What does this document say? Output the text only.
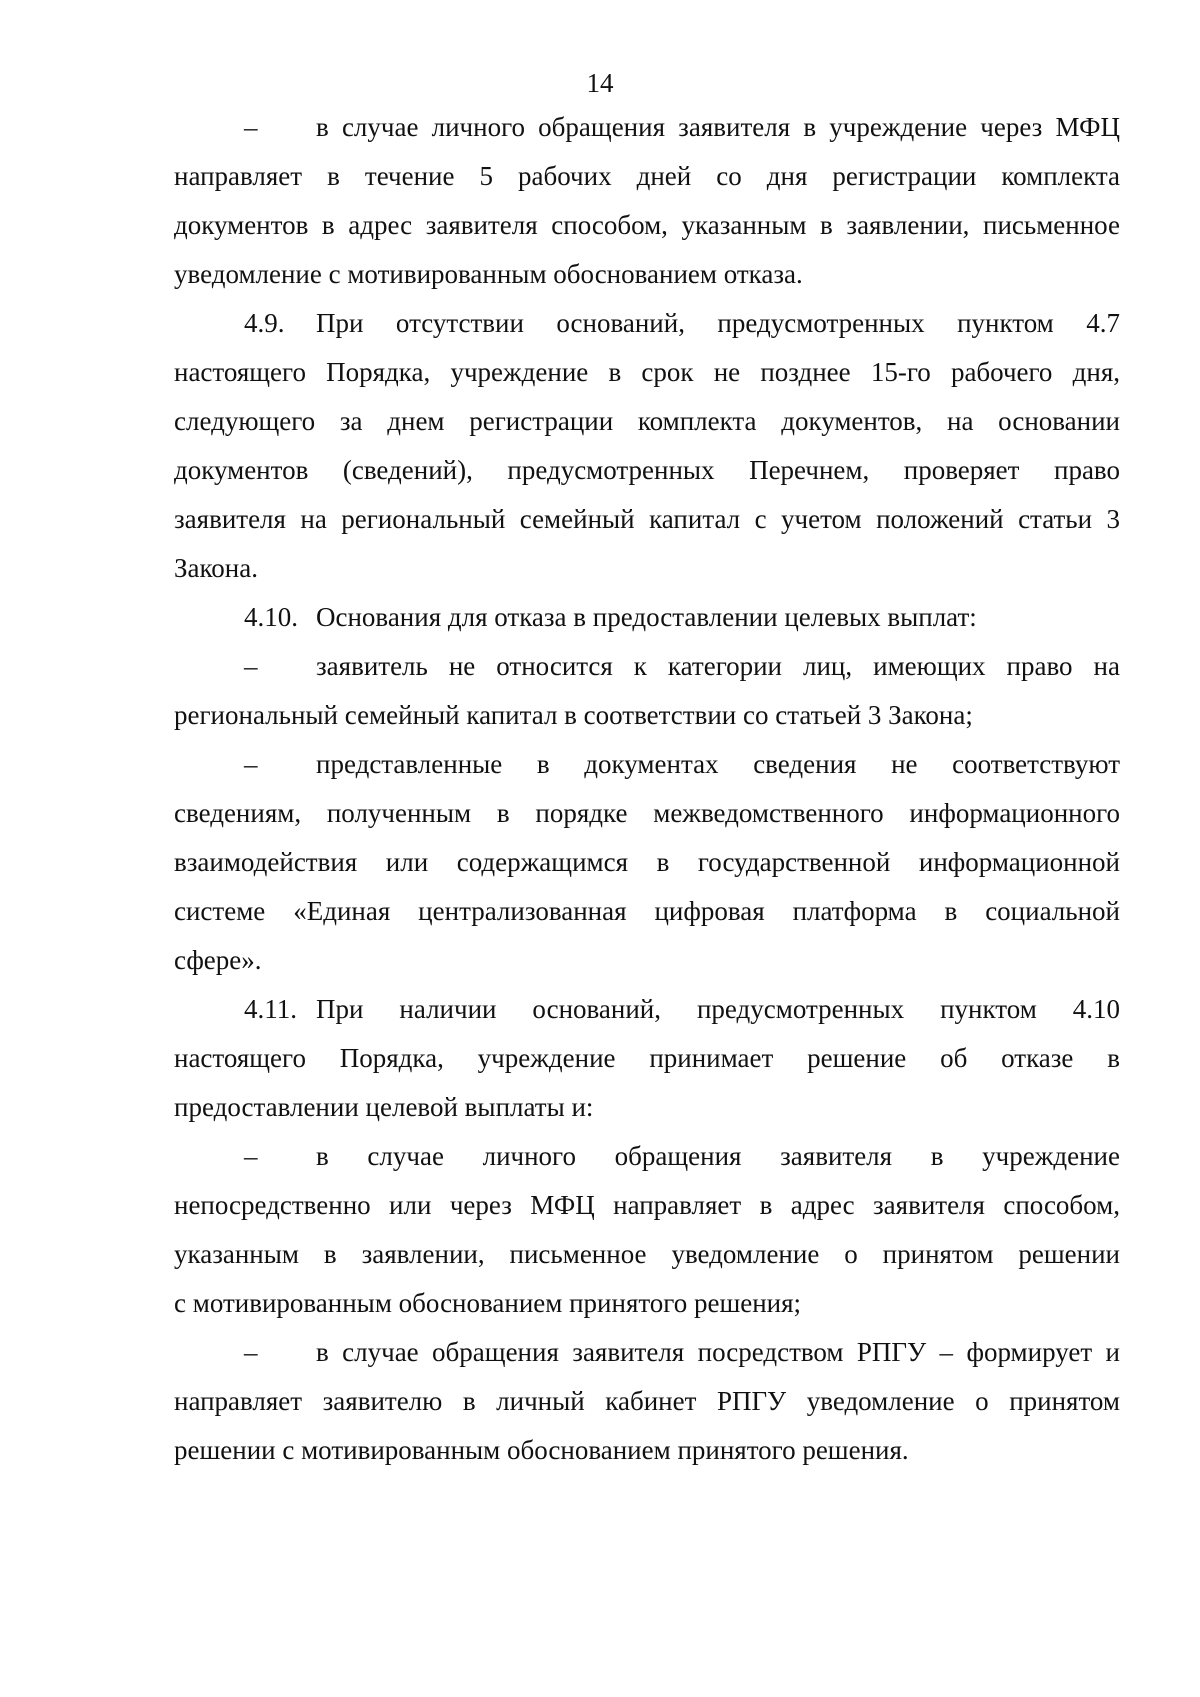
14
– в случае личного обращения заявителя в учреждение через МФЦ
направляет в течение 5 рабочих дней со дня регистрации комплекта
документов в адрес заявителя способом, указанным в заявлении, письменное
уведомление с мотивированным обоснованием отказа.
4.9. При отсутствии оснований, предусмотренных пунктом 4.7
настоящего Порядка, учреждение в срок не позднее 15-го рабочего дня,
следующего за днем регистрации комплекта документов, на основании
документов (сведений), предусмотренных Перечнем, проверяет право
заявителя на региональный семейный капитал с учетом положений статьи 3
Закона.
4.10. Основания для отказа в предоставлении целевых выплат:
– заявитель не относится к категории лиц, имеющих право на
региональный семейный капитал в соответствии со статьей 3 Закона;
– представленные в документах сведения не соответствуют
сведениям, полученным в порядке межведомственного информационного
взаимодействия или содержащимся в государственной информационной
системе «Единая централизованная цифровая платформа в социальной
сфере».
4.11. При наличии оснований, предусмотренных пунктом 4.10
настоящего Порядка, учреждение принимает решение об отказе в
предоставлении целевой выплаты и:
– в случае личного обращения заявителя в учреждение
непосредственно или через МФЦ направляет в адрес заявителя способом,
указанным в заявлении, письменное уведомление о принятом решении
с мотивированным обоснованием принятого решения;
– в случае обращения заявителя посредством РПГУ – формирует и
направляет заявителю в личный кабинет РПГУ уведомление о принятом
решении с мотивированным обоснованием принятого решения.
